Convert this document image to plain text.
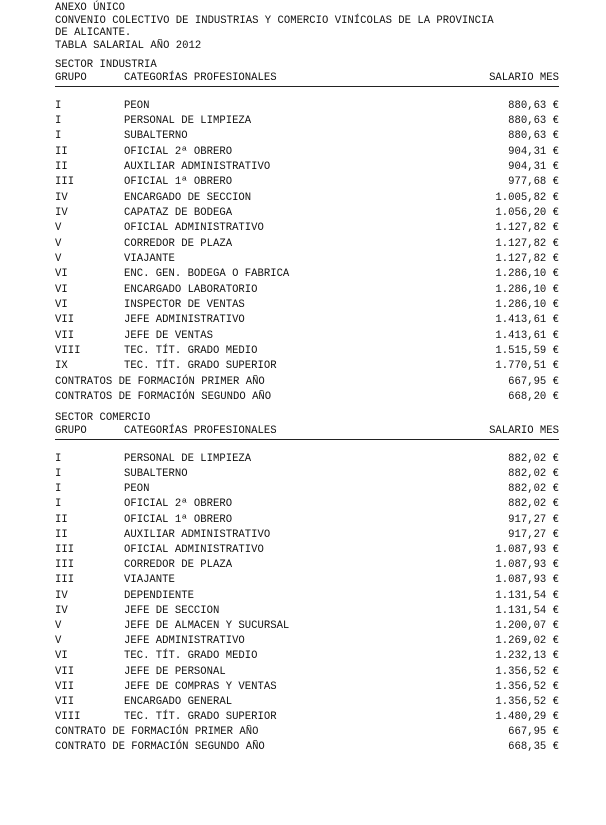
ANEXO ÚNICO
CONVENIO COLECTIVO DE INDUSTRIAS Y COMERCIO VINÍCOLAS DE LA PROVINCIA
DE ALICANTE.
TABLA SALARIAL AÑO 2012
SECTOR INDUSTRIA
GRUPO	CATEGORÍAS PROFESIONALES	SALARIO MES
I	PEON	880,63 €
I	PERSONAL DE LIMPIEZA	880,63 €
I	SUBALTERNO	880,63 €
II	OFICIAL 2ª OBRERO	904,31 €
II	AUXILIAR ADMINISTRATIVO	904,31 €
III	OFICIAL 1ª OBRERO	977,68 €
IV	ENCARGADO DE SECCION	1.005,82 €
IV	CAPATAZ DE BODEGA	1.056,20 €
V	OFICIAL ADMINISTRATIVO	1.127,82 €
V	CORREDOR DE PLAZA	1.127,82 €
V	VIAJANTE	1.127,82 €
VI	ENC. GEN. BODEGA O FABRICA	1.286,10 €
VI	ENCARGADO LABORATORIO	1.286,10 €
VI	INSPECTOR DE VENTAS	1.286,10 €
VII	JEFE ADMINISTRATIVO	1.413,61 €
VII	JEFE DE VENTAS	1.413,61 €
VIII	TEC. TÍT. GRADO MEDIO	1.515,59 €
IX	TEC. TÍT. GRADO SUPERIOR	1.770,51 €
CONTRATOS DE FORMACIÓN PRIMER AÑO	667,95 €
CONTRATOS DE FORMACIÓN SEGUNDO AÑO	668,20 €
SECTOR COMERCIO
GRUPO	CATEGORÍAS PROFESIONALES	SALARIO MES
I	PERSONAL DE LIMPIEZA	882,02 €
I	SUBALTERNO	882,02 €
I	PEON	882,02 €
I	OFICIAL 2ª OBRERO	882,02 €
II	OFICIAL 1ª OBRERO	917,27 €
II	AUXILIAR ADMINISTRATIVO	917,27 €
III	OFICIAL ADMINISTRATIVO	1.087,93 €
III	CORREDOR DE PLAZA	1.087,93 €
III	VIAJANTE	1.087,93 €
IV	DEPENDIENTE	1.131,54 €
IV	JEFE DE SECCION	1.131,54 €
V	JEFE DE ALMACEN Y SUCURSAL	1.200,07 €
V	JEFE ADMINISTRATIVO	1.269,02 €
VI	TEC. TÍT. GRADO MEDIO	1.232,13 €
VII	JEFE DE PERSONAL	1.356,52 €
VII	JEFE DE COMPRAS Y VENTAS	1.356,52 €
VII	ENCARGADO GENERAL	1.356,52 €
VIII	TEC. TÍT. GRADO SUPERIOR	1.480,29 €
CONTRATO DE FORMACIÓN PRIMER AÑO	667,95 €
CONTRATO DE FORMACIÓN SEGUNDO AÑO	668,35 €
